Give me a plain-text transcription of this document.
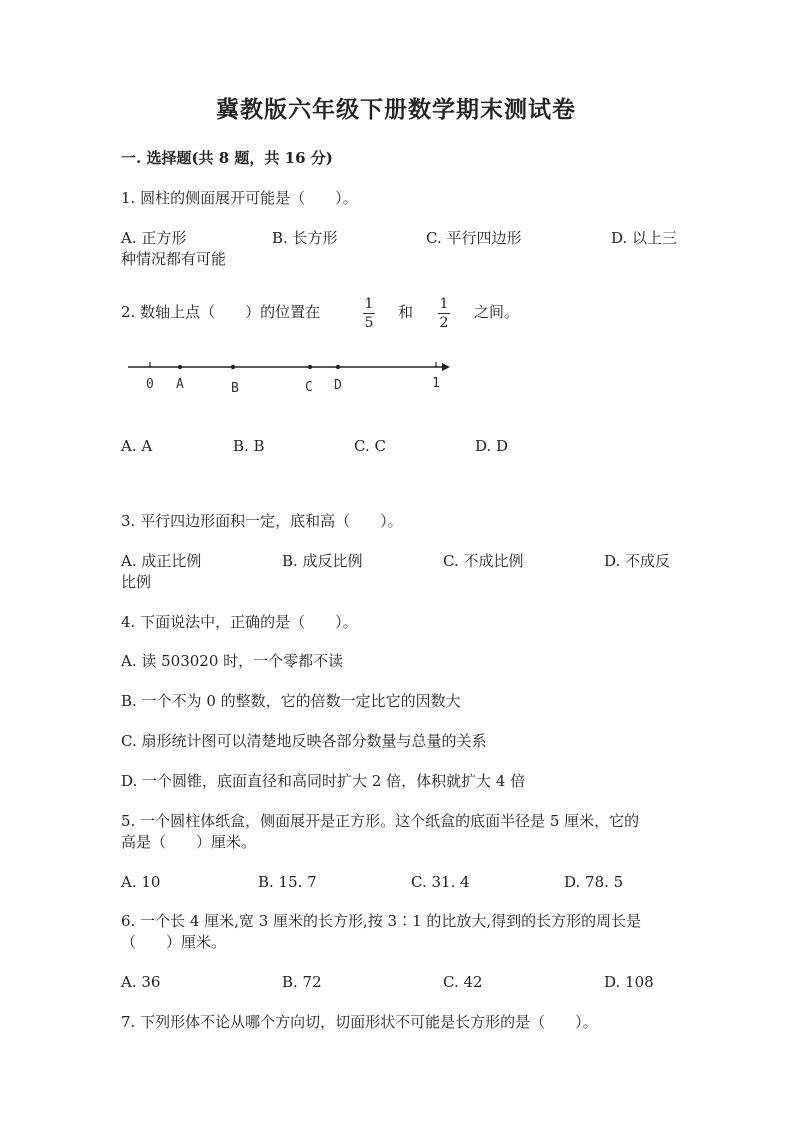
冀教版六年级下册数学期末测试卷
一. 选择题(共 8 题，共 16 分)
1. 圆柱的侧面展开可能是（　　）。
A. 正方形	B. 长方形	C. 平行四边形	D. 以上三
种情况都有可能
2. 数轴上点（　　）的位置在	1
5
和 1
2
之间。
0 A	B	C D	1
A. A	B. B	C. C	D. D
3. 平行四边形面积一定，底和高（　　）。
A. 成正比例	B. 成反比例	C. 不成比例	D. 不成反
比例
4. 下面说法中，正确的是（　　）。
A. 读 503020 时，一个零都不读
B. 一个不为 0 的整数，它的倍数一定比它的因数大
C. 扇形统计图可以清楚地反映各部分数量与总量的关系
D. 一个圆锥，底面直径和高同时扩大 2 倍，体积就扩大 4 倍
5. 一个圆柱体纸盒，侧面展开是正方形。这个纸盒的底面半径是 5 厘米，它的
高是（　　）厘米。
A. 10	B. 15. 7	C. 31. 4	D. 78. 5
6. 一个长 4 厘米,宽 3 厘米的长方形,按 3∶1 的比放大,得到的长方形的周长是
（　　）厘米。
A. 36	B. 72	C. 42	D. 108
7. 下列形体不论从哪个方向切，切面形状不可能是长方形的是（　　）。
